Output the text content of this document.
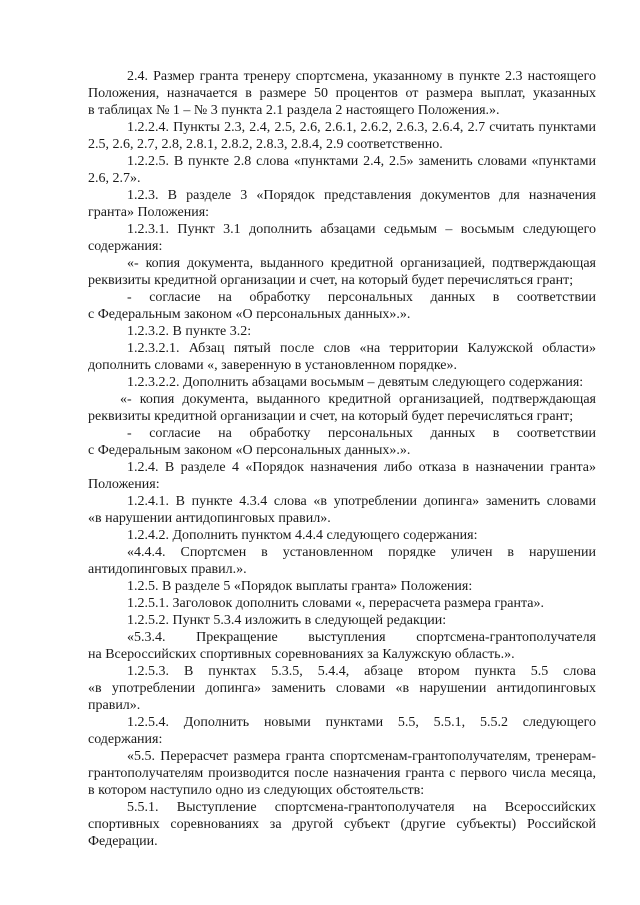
2.4. Размер гранта тренеру спортсмена, указанному в пункте 2.3 настоящего
Положения, назначается в размере 50 процентов от размера выплат, указанных
в таблицах № 1 – № 3 пункта 2.1 раздела 2 настоящего Положения.».
1.2.2.4. Пункты 2.3, 2.4, 2.5, 2.6, 2.6.1, 2.6.2, 2.6.3, 2.6.4, 2.7 считать пунктами
2.5, 2.6, 2.7, 2.8, 2.8.1, 2.8.2, 2.8.3, 2.8.4, 2.9 соответственно.
1.2.2.5. В пункте 2.8 слова «пунктами 2.4, 2.5» заменить словами «пунктами
2.6, 2.7».
1.2.3. В разделе 3 «Порядок представления документов для назначения
гранта» Положения:
1.2.3.1. Пункт 3.1 дополнить абзацами седьмым – восьмым следующего
содержания:
«- копия документа, выданного кредитной организацией, подтверждающая
реквизиты кредитной организации и счет, на который будет перечисляться грант;
- согласие на обработку персональных данных в соответствии
с Федеральным законом «О персональных данных».».
1.2.3.2. В пункте 3.2:
1.2.3.2.1. Абзац пятый после слов «на территории Калужской области»
дополнить словами «, заверенную в установленном порядке».
1.2.3.2.2. Дополнить абзацами восьмым – девятым следующего содержания:
«- копия документа, выданного кредитной организацией, подтверждающая
реквизиты кредитной организации и счет, на который будет перечисляться грант;
- согласие на обработку персональных данных в соответствии
с Федеральным законом «О персональных данных».».
1.2.4. В разделе 4 «Порядок назначения либо отказа в назначении гранта»
Положения:
1.2.4.1. В пункте 4.3.4 слова «в употреблении допинга» заменить словами
«в нарушении антидопинговых правил».
1.2.4.2. Дополнить пунктом 4.4.4 следующего содержания:
«4.4.4. Спортсмен в установленном порядке уличен в нарушении
антидопинговых правил.».
1.2.5. В разделе 5 «Порядок выплаты гранта» Положения:
1.2.5.1. Заголовок дополнить словами «, перерасчета размера гранта».
1.2.5.2. Пункт 5.3.4 изложить в следующей редакции:
«5.3.4. Прекращение выступления спортсмена-грантополучателя
на Всероссийских спортивных соревнованиях за Калужскую область.».
1.2.5.3. В пунктах 5.3.5, 5.4.4, абзаце втором пункта 5.5 слова
«в употреблении допинга» заменить словами «в нарушении антидопинговых
правил».
1.2.5.4. Дополнить новыми пунктами 5.5, 5.5.1, 5.5.2 следующего
содержания:
«5.5. Перерасчет размера гранта спортсменам-грантополучателям, тренерам-
грантополучателям производится после назначения гранта с первого числа месяца,
в котором наступило одно из следующих обстоятельств:
5.5.1. Выступление спортсмена-грантополучателя на Всероссийских
спортивных соревнованиях за другой субъект (другие субъекты) Российской
Федерации.
